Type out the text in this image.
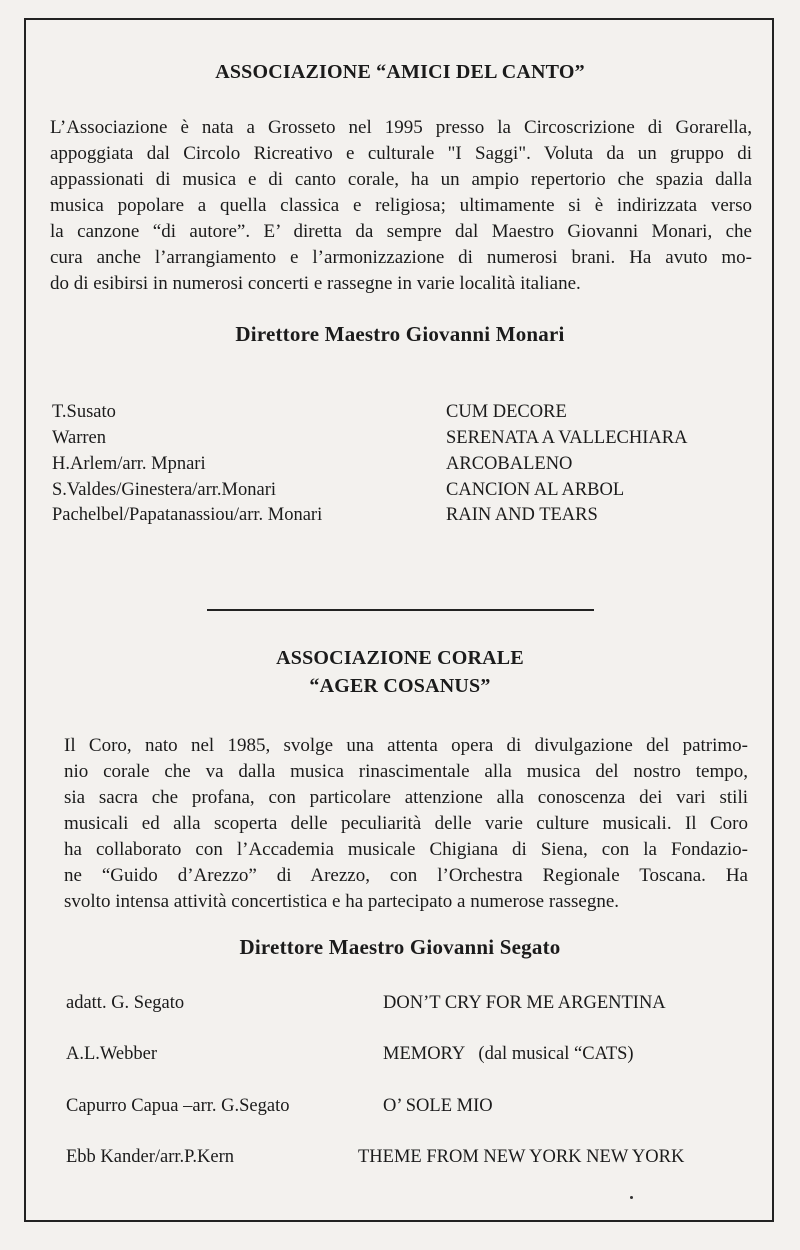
ASSOCIAZIONE “AMICI DEL CANTO”
L’Associazione è nata a Grosseto nel 1995 presso la Circoscrizione di Gorarella,
appoggiata dal Circolo Ricreativo e culturale "I Saggi". Voluta da un gruppo di
appassionati di musica e di canto corale, ha un ampio repertorio che spazia dalla
musica popolare a quella classica e religiosa; ultimamente si è indirizzata verso
la canzone “di autore”. E’ diretta da sempre dal Maestro Giovanni Monari, che
cura anche l’arrangiamento e l’armonizzazione di numerosi brani. Ha avuto mo-
do di esibirsi in numerosi concerti e rassegne in varie località italiane.
Direttore Maestro Giovanni Monari
T.Susato	CUM DECORE
Warren	SERENATA A VALLECHIARA
H.Arlem/arr. Mpnari	ARCOBALENO
S.Valdes/Ginestera/arr.Monari	CANCION AL ARBOL
Pachelbel/Papatanassiou/arr. Monari	RAIN AND TEARS
ASSOCIAZIONE CORALE
“AGER COSANUS”
Il Coro, nato nel 1985, svolge una attenta opera di divulgazione del patrimo-
nio corale che va dalla musica rinascimentale alla musica del nostro tempo,
sia sacra che profana, con particolare attenzione alla conoscenza dei vari stili
musicali ed alla scoperta delle peculiarità delle varie culture musicali. Il Coro
ha collaborato con l’Accademia musicale Chigiana di Siena, con la Fondazio-
ne “Guido d’Arezzo” di Arezzo, con l’Orchestra Regionale Toscana. Ha
svolto intensa attività concertistica e ha partecipato a numerose rassegne.
Direttore Maestro Giovanni Segato
adatt. G. Segato	DON’T CRY FOR ME ARGENTINA
A.L.Webber	MEMORY   (dal musical “CATS)
Capurro Capua –arr. G.Segato	O’ SOLE MIO
Ebb Kander/arr.P.Kern	THEME FROM NEW YORK NEW YORK
